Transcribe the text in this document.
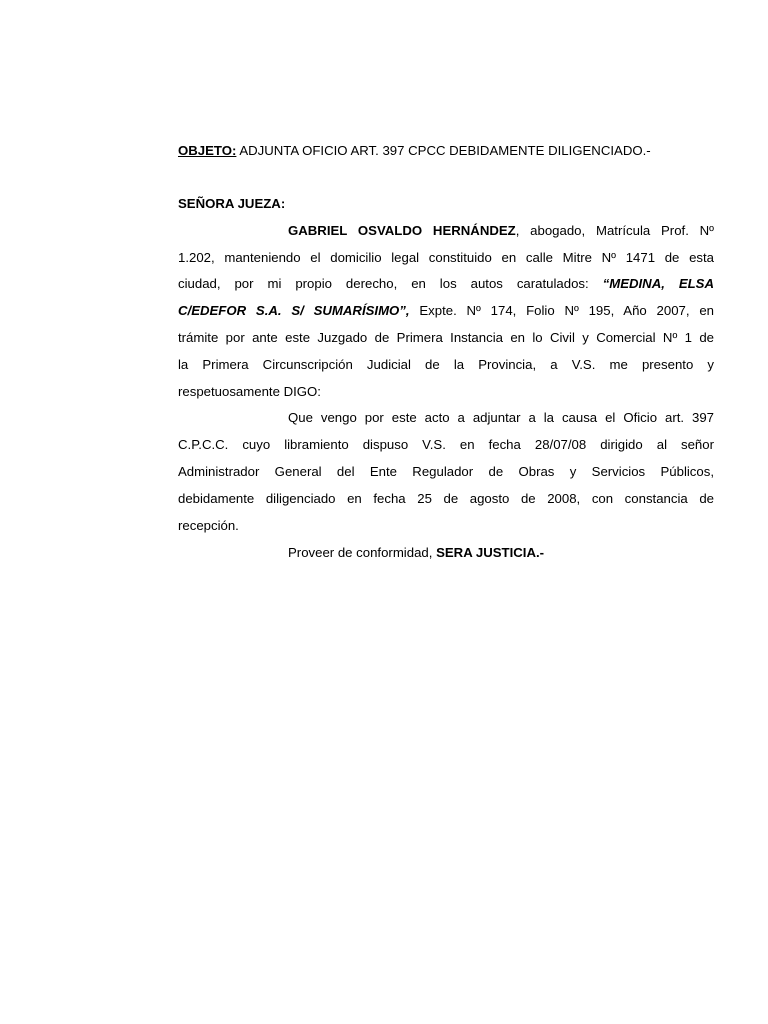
OBJETO: ADJUNTA OFICIO ART. 397 CPCC DEBIDAMENTE DILIGENCIADO.-
SEÑORA JUEZA:
GABRIEL OSVALDO HERNÁNDEZ, abogado, Matrícula Prof. Nº
1.202, manteniendo el domicilio legal constituido en calle Mitre Nº 1471 de esta
ciudad, por mi propio derecho, en los autos caratulados: “MEDINA, ELSA
C/EDEFOR S.A. S/ SUMARÍSIMO”, Expte. Nº 174, Folio Nº 195, Año 2007, en
trámite por ante este Juzgado de Primera Instancia en lo Civil y Comercial Nº 1 de
la Primera Circunscripción Judicial de la Provincia, a V.S. me presento y
respetuosamente DIGO:
Que vengo por este acto a adjuntar a la causa el Oficio art. 397
C.P.C.C. cuyo libramiento dispuso V.S. en fecha 28/07/08 dirigido al señor
Administrador General del Ente Regulador de Obras y Servicios Públicos,
debidamente diligenciado en fecha 25 de agosto de 2008, con constancia de
recepción.
Proveer de conformidad, SERA JUSTICIA.-
